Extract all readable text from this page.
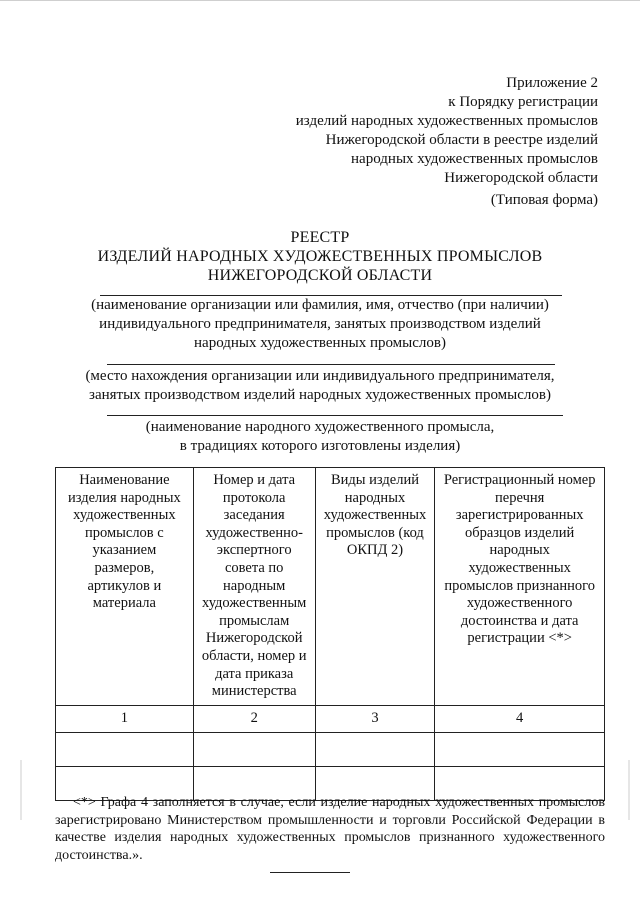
Приложение 2
к Порядку регистрации
изделий народных художественных промыслов
Нижегородской области в реестре изделий
народных художественных промыслов
Нижегородской области
(Типовая форма)
РЕЕСТР
ИЗДЕЛИЙ НАРОДНЫХ ХУДОЖЕСТВЕННЫХ ПРОМЫСЛОВ
НИЖЕГОРОДСКОЙ ОБЛАСТИ
(наименование организации или фамилия, имя, отчество (при наличии)
индивидуального предпринимателя, занятых производством изделий
народных художественных промыслов)
(место нахождения организации или индивидуального предпринимателя,
занятых производством изделий народных художественных промыслов)
(наименование народного художественного промысла,
в традициях которого изготовлены изделия)
Наименование изделия народных художественных промыслов с указанием размеров, артикулов и материала	Номер и дата протокола заседания художественно-экспертного совета по народным художественным промыслам Нижегородской области, номер и дата приказа министерства	Виды изделий народных художественных промыслов (код ОКПД 2)	Регистрационный номер перечня зарегистрированных образцов изделий народных художественных промыслов признанного художественного достоинства и дата регистрации <*>
1	2	3	4

<*> Графа 4 заполняется в случае, если изделие народных художественных промыслов зарегистрировано Министерством промышленности и торговли Российской Федерации в качестве изделия народных художественных промыслов признанного художественного достоинства.».
